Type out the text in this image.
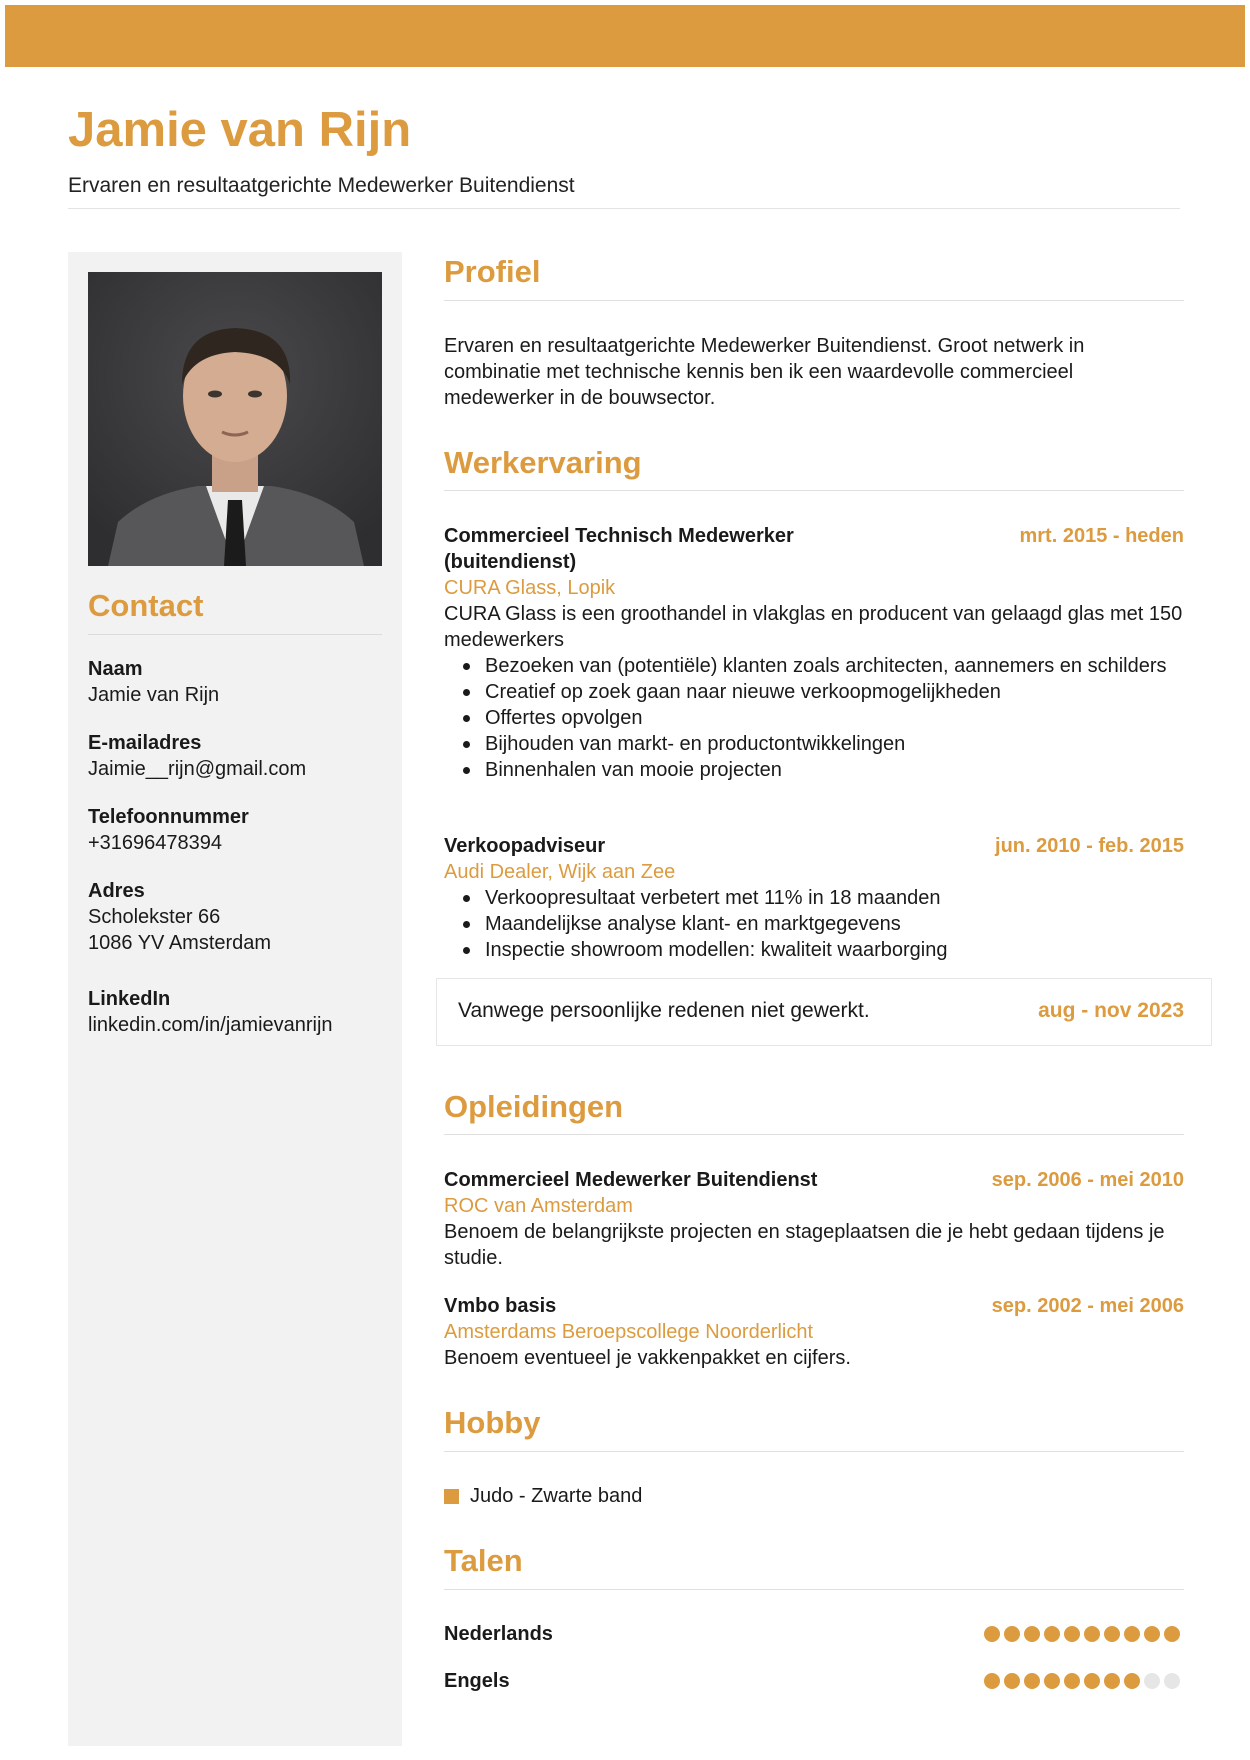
Jamie van Rijn
Ervaren en resultaatgerichte Medewerker Buitendienst
Contact
Naam
Jamie van Rijn
E-mailadres
Jaimie__rijn@gmail.com
Telefoonnummer
+31696478394
Adres
Scholekster 66
1086 YV Amsterdam
LinkedIn
linkedin.com/in/jamievanrijn
Profiel
Ervaren en resultaatgerichte Medewerker Buitendienst. Groot netwerk in combinatie met technische kennis ben ik een waardevolle commercieel medewerker in de bouwsector.
Werkervaring
Commercieel Technisch Medewerker
(buitendienst)
mrt. 2015 - heden
CURA Glass, Lopik
CURA Glass is een groothandel in vlakglas en producent van gelaagd glas met 150 medewerkers
Bezoeken van (potentiële) klanten zoals architecten, aannemers en schilders
Creatief op zoek gaan naar nieuwe verkoopmogelijkheden
Offertes opvolgen
Bijhouden van markt- en productontwikkelingen
Binnenhalen van mooie projecten
Verkoopadviseur	jun. 2010 - feb. 2015
Audi Dealer, Wijk aan Zee
Verkoopresultaat verbetert met 11% in 18 maanden
Maandelijkse analyse klant- en marktgegevens
Inspectie showroom modellen: kwaliteit waarborging
Opleidingen
Commercieel Medewerker Buitendienst	sep. 2006 - mei 2010
ROC van Amsterdam
Benoem de belangrijkste projecten en stageplaatsen die je hebt gedaan tijdens je studie.
Vmbo basis	sep. 2002 - mei 2006
Amsterdams Beroepscollege Noorderlicht
Benoem eventueel je vakkenpakket en cijfers.
Hobby
Judo - Zwarte band
Talen
Nederlands
Engels
Vanwege persoonlijke redenen niet gewerkt.	aug - nov 2023
